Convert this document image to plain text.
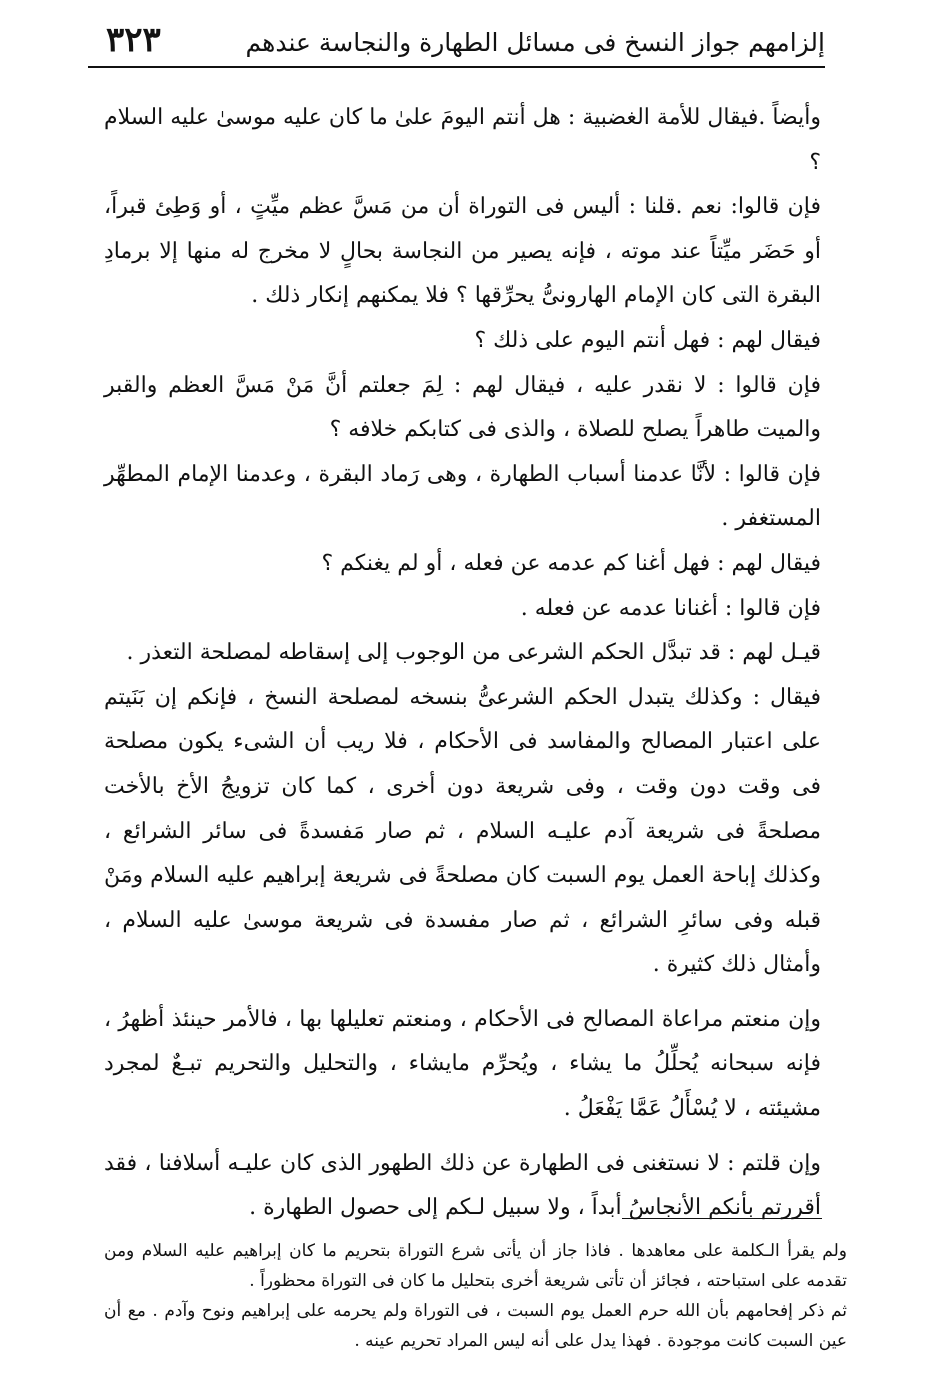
إلزامهم جواز النسخ فى مسائل الطهارة والنجاسة عندهم
٣٢٣

وأيضاً .فيقال للأمة الغضبية : هل أنتم اليومَ علىٰ ما كان عليه موسىٰ عليه السلام ؟

فإن قالوا: نعم .قلنا : أليس فى التوراة أن من مَسَّ عظم ميِّتٍ ، أو وَطِئ قبراً، أو حَضَر ميِّتاً عند موته ، فإنه يصير من النجاسة بحالٍ لا مخرج له منها إلا برمادِ البقرة التى كان الإمام الهارونىُّ يحرِّقها ؟ فلا يمكنهم إنكار ذلك .

فيقال لهم : فهل أنتم اليوم على ذلك ؟

فإن قالوا : لا نقدر عليه ، فيقال لهم : لِمَ جعلتم أنَّ مَنْ مَسَّ العظم والقبر والميت طاهراً يصلح للصلاة ، والذى فى كتابكم خلافه ؟

فإن قالوا : لأنَّا عدمنا أسباب الطهارة ، وهى رَماد البقرة ، وعدمنا الإمام المطهِّر المستغفر .

فيقال لهم : فهل أغنا كم عدمه عن فعله ، أو لم يغنكم ؟

فإن قالوا : أغنانا عدمه عن فعله .

قيـل لهم : قد تبدَّل الحكم الشرعى من الوجوب إلى إسقاطه لمصلحة التعذر .

فيقال : وكذلك يتبدل الحكم الشرعىُّ بنسخه لمصلحة النسخ ، فإنكم إن بَنَيتم على اعتبار المصالح والمفاسد فى الأحكام ، فلا ريب أن الشىء يكون مصلحة فى وقت دون وقت ، وفى شريعة دون أخرى ، كما كان تزويجُ الأخ بالأخت مصلحةً فى شريعة آدم عليـه السلام ، ثم صار مَفسدةً فى سائر الشرائع ، وكذلك إباحة العمل يوم السبت كان مصلحةً فى شريعة إبراهيم عليه السلام ومَنْ قبله وفى سائرِ الشرائع ، ثم صار مفسدة فى شريعة موسىٰ عليه السلام ، وأمثال ذلك كثيرة .

وإن منعتم مراعاة المصالح فى الأحكام ، ومنعتم تعليلها بها ، فالأمر حينئذ أظهرُ ، فإنه سبحانه يُحلِّلُ ما يشاء ، ويُحرِّم مايشاء ، والتحليل والتحريم تبـعٌ لمجرد مشيئته ، لا يُسْأَلُ عَمَّا يَفْعَلُ .

وإن قلتم : لا نستغنى فى الطهارة عن ذلك الطهور الذى كان عليـه أسلافنا ، فقد أقررتم بأنكم الأنجاسُ أبداً ، ولا سبيل لـكم إلى حصول الطهارة .

ولم يقرأ الـكلمة على معاهدها . فاذا جاز أن يأتى شرع التوراة بتحريم ما كان إبراهيم عليه السلام ومن تقدمه على استباحته ، فجائز أن تأتى شريعة أخرى بتحليل ما كان فى التوراة محظوراً .

ثم ذكر إفحامهم بأن الله حرم العمل يوم السبت ، فى التوراة ولم يحرمه على إبراهيم ونوح وآدم . مع أن عين السبت كانت موجودة . فهذا يدل على أنه ليس المراد تحريم عينه .
